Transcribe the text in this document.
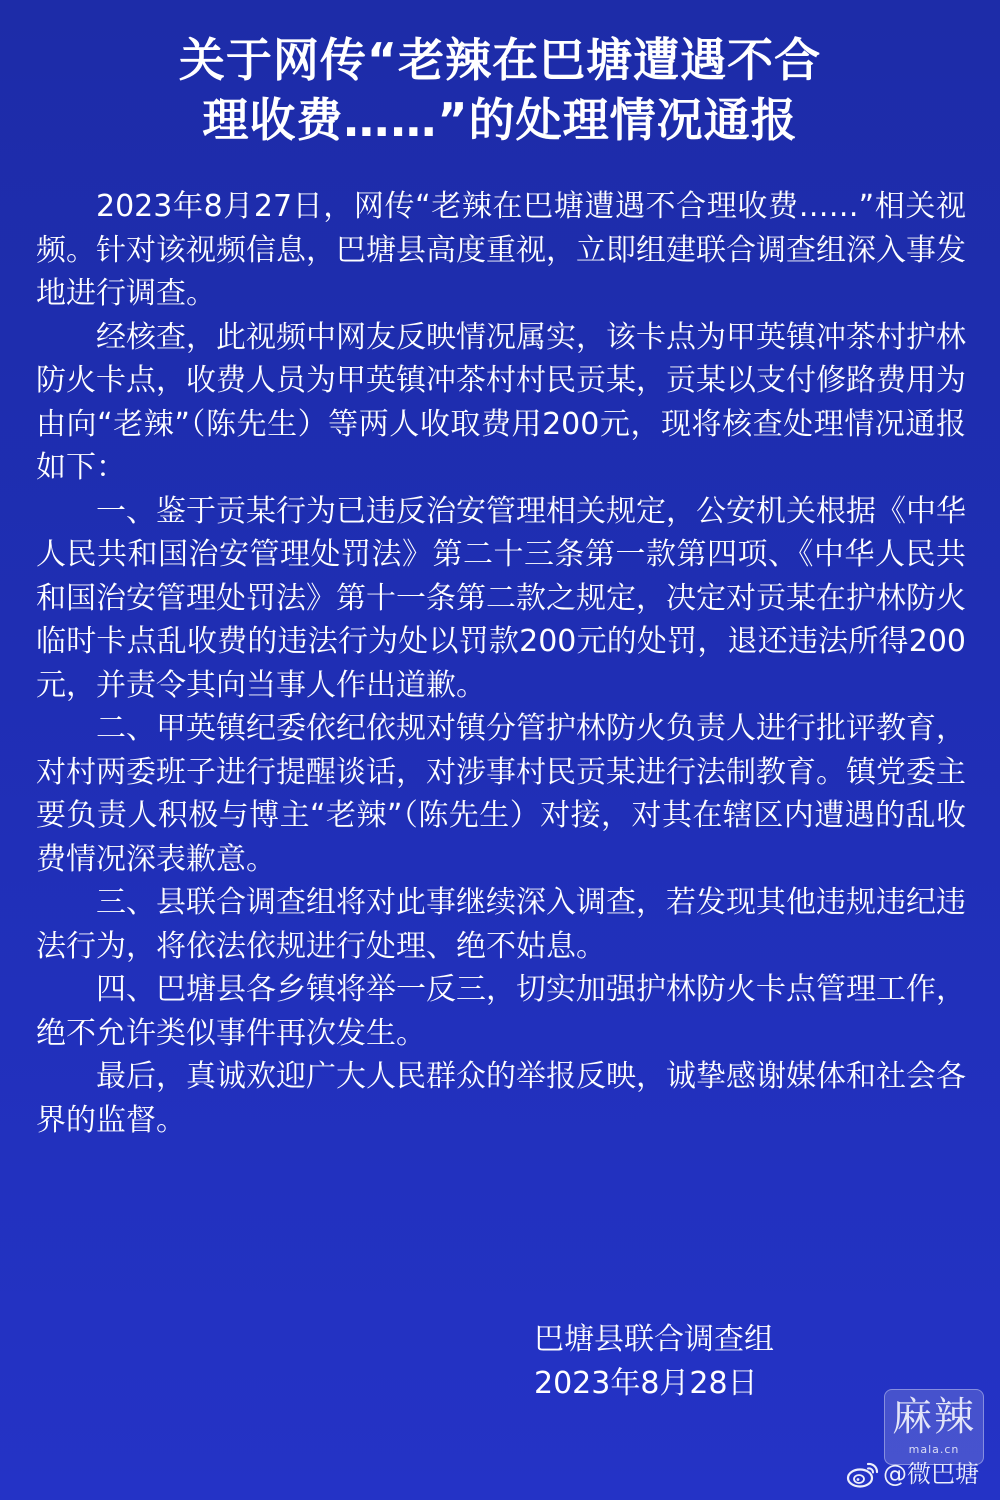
关于网传“老辣在巴塘遭遇不合
理收费……”的处理情况通报

2023年8月27日，网传“老辣在巴塘遭遇不合理收费……”相关视频。针对该视频信息，巴塘县高度重视，立即组建联合调查组深入事发地进行调查。

经核查，此视频中网友反映情况属实，该卡点为甲英镇冲茶村护林防火卡点，收费人员为甲英镇冲茶村村民贡某，贡某以支付修路费用为由向“老辣”（陈先生）等两人收取费用200元，现将核查处理情况通报如下：

一、鉴于贡某行为已违反治安管理相关规定，公安机关根据《中华人民共和国治安管理处罚法》第二十三条第一款第四项、《中华人民共和国治安管理处罚法》第十一条第二款之规定，决定对贡某在护林防火临时卡点乱收费的违法行为处以罚款200元的处罚，退还违法所得200元，并责令其向当事人作出道歉。

二、甲英镇纪委依纪依规对镇分管护林防火负责人进行批评教育，对村两委班子进行提醒谈话，对涉事村民贡某进行法制教育。镇党委主要负责人积极与博主“老辣”（陈先生）对接，对其在辖区内遭遇的乱收费情况深表歉意。

三、县联合调查组将对此事继续深入调查，若发现其他违规违纪违法行为，将依法依规进行处理、绝不姑息。

四、巴塘县各乡镇将举一反三，切实加强护林防火卡点管理工作，绝不允许类似事件再次发生。

最后，真诚欢迎广大人民群众的举报反映，诚挚感谢媒体和社会各界的监督。

巴塘县联合调查组
2023年8月28日
麻辣
mala.cn
@微巴塘
